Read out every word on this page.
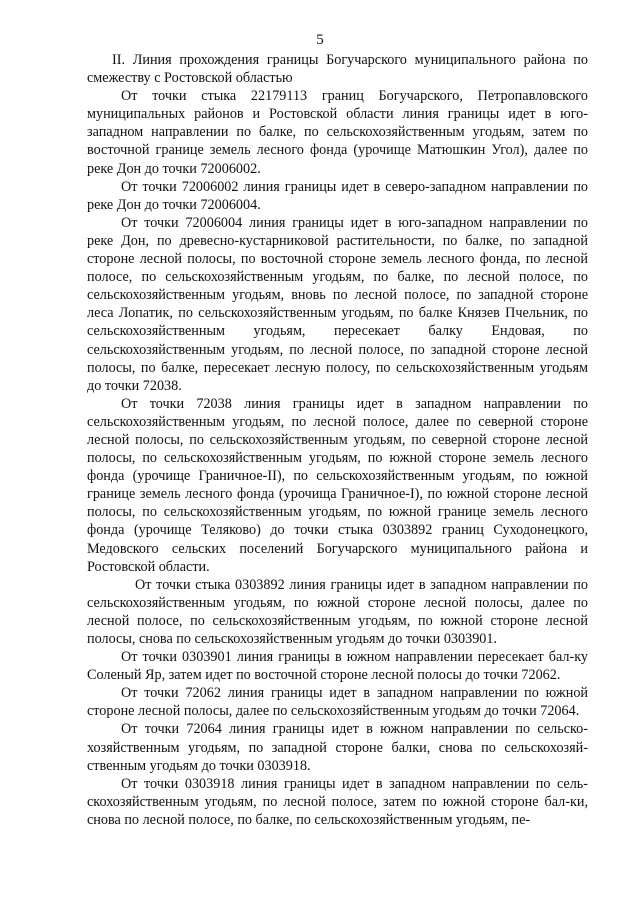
5

II. Линия прохождения границы Богучарского муниципального района по смежеству с Ростовской областью

От точки стыка 22179113 границ Богучарского, Петропавловского муниципальных районов и Ростовской области линия границы идет в юго-западном направлении по балке, по сельскохозяйственным угодьям, затем по восточной границе земель лесного фонда (урочище Матюшкин Угол), далее по реке Дон до точки 72006002.

От точки 72006002 линия границы идет в северо-западном направлении по реке Дон до точки 72006004.

От точки 72006004 линия границы идет в юго-западном направлении по реке Дон, по древесно-кустарниковой растительности, по балке, по западной стороне лесной полосы, по восточной стороне земель лесного фонда, по лесной полосе, по сельскохозяйственным угодьям, по балке, по лесной полосе, по сельскохозяйственным угодьям, вновь по лесной полосе, по западной стороне леса Лопатик, по сельскохозяйственным угодьям, по балке Князев Пчельник, по сельскохозяйственным угодьям, пересекает балку Ендовая, по сельскохозяйственным угодьям, по лесной полосе, по западной стороне лесной полосы, по балке, пересекает лесную полосу, по сельскохозяйственным угодьям до точки 72038.

От точки 72038 линия границы идет в западном направлении по сельскохозяйственным угодьям, по лесной полосе, далее по северной стороне лесной полосы, по сельскохозяйственным угодьям, по северной стороне лесной полосы, по сельскохозяйственным угодьям, по южной стороне земель лесного фонда (урочище Граничное-II), по сельскохозяйственным угодьям, по южной границе земель лесного фонда (урочища Граничное-I), по южной стороне лесной полосы, по сельскохозяйственным угодьям, по южной границе земель лесного фонда (урочище Теляково) до точки стыка 0303892 границ Суходонецкого, Медовского сельских поселений Богучарского муниципального района и Ростовской области.

От точки стыка 0303892 линия границы идет в западном направлении по сельскохозяйственным угодьям, по южной стороне лесной полосы, далее по лесной полосе, по сельскохозяйственным угодьям, по южной стороне лесной полосы, снова по сельскохозяйственным угодьям до точки 0303901.

От точки 0303901 линия границы в южном направлении пересекает бал-ку Соленый Яр, затем идет по восточной стороне лесной полосы до точки 72062.

От точки 72062 линия границы идет в западном направлении по южной стороне лесной полосы, далее по сельскохозяйственным угодьям до точки 72064.

От точки 72064 линия границы идет в южном направлении по сельско-хозяйственным угодьям, по западной стороне балки, снова по сельскохозяй-ственным угодьям до точки 0303918.

От точки 0303918 линия границы идет в западном направлении по сель-скохозяйственным угодьям, по лесной полосе, затем по южной стороне бал-ки, снова по лесной полосе, по балке, по сельскохозяйственным угодьям, пе-
